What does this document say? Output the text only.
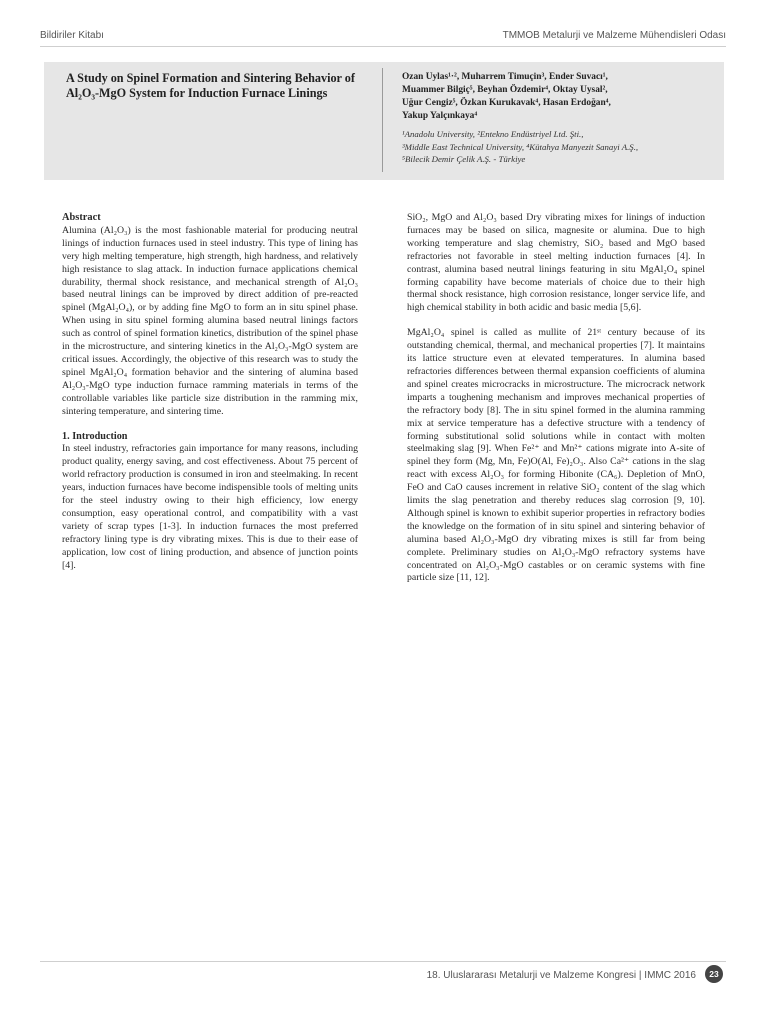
Bildiriler Kitabı	TMMOB Metalurji ve Malzeme Mühendisleri Odası
A Study on Spinel Formation and Sintering Behavior of
Al₂O₃-MgO System for Induction Furnace Linings
Ozan Uylas¹·², Muharrem Timuçin³, Ender Suvacı¹,
Muammer Bilgiç⁵, Beyhan Özdemir⁴, Oktay Uysal²,
Uğur Cengiz⁵, Özkan Kurukavak⁴, Hasan Erdoğan⁴,
Yakup Yalçınkaya⁴
¹Anadolu University, ²Entekno Endüstriyel Ltd. Şti.,
³Middle East Technical University, ⁴Kütahya Manyezit Sanayi A.Ş.,
⁵Bilecik Demir Çelik A.Ş. - Türkiye

Abstract

Alumina (Al₂O₃) is the most fashionable material for producing neutral linings of induction furnaces used in steel industry. This type of lining has very high melting temperature, high strength, high hardness, and relatively high resistance to slag attack. In induction furnace applications chemical durability, thermal shock resistance, and mechanical strength of Al₂O₃ based neutral linings can be improved by direct addition of pre-reacted spinel (MgAl₂O₄), or by adding fine MgO to form an in situ spinel phase. When using in situ spinel forming alumina based neutral linings factors such as control of spinel formation kinetics, distribution of the spinel phase in the microstructure, and sintering kinetics in the Al₂O₃-MgO system are critical issues. Accordingly, the objective of this research was to study the spinel MgAl₂O₄ formation behavior and the sintering of alumina based Al₂O₃-MgO type induction furnace ramming materials in terms of the controllable variables like particle size distribution in the ramming mix, sintering temperature, and sintering time.

1. Introduction

In steel industry, refractories gain importance for many reasons, including product quality, energy saving, and cost effectiveness. About 75 percent of world refractory production is consumed in iron and steelmaking. In recent years, induction furnaces have become indispensible tools of melting units for the steel industry owing to their high efficiency, low energy consumption, easy operational control, and compatibility with a vast variety of scrap types [1-3]. In induction furnaces the most preferred refractory lining type is dry vibrating mixes. This is due to their ease of application, low cost of lining production, and absence of junction points [4].

SiO₂, MgO and Al₂O₃ based Dry vibrating mixes for linings of induction furnaces may be based on silica, magnesite or alumina. Due to high working temperature and slag chemistry, SiO₂ based and MgO based refractories not favorable in steel melting induction furnaces [4]. In contrast, alumina based neutral linings featuring in situ MgAl₂O₄ spinel forming capability have become materials of choice due to their high thermal shock resistance, high corrosion resistance, longer service life, and high chemical stability in both acidic and basic media [5,6].

MgAl₂O₄ spinel is called as mullite of 21ˢᵗ century because of its outstanding chemical, thermal, and mechanical properties [7]. It maintains its lattice structure even at elevated temperatures. In alumina based refractories differences between thermal expansion coefficients of alumina and spinel creates microcracks in microstructure. The microcrack network imparts a toughening mechanism and improves mechanical properties of the refractory body [8]. The in situ spinel formed in the alumina ramming mix at service temperature has a defective structure with a tendency of forming substitutional solid solutions while in contact with molten steelmaking slag [9]. When Fe²⁺ and Mn²⁺ cations migrate into A-site of spinel they form (Mg, Mn, Fe)O(Al, Fe)₂O₃. Also Ca²⁺ cations in the slag react with excess Al₂O₃ for forming Hibonite (CA₆). Depletion of MnO, FeO and CaO causes increment in relative SiO₂ content of the slag which limits the slag penetration and thereby reduces slag corrosion [9, 10]. Although spinel is known to exhibit superior properties in refractory bodies the knowledge on the formation of in situ spinel and sintering behavior of alumina based Al₂O₃-MgO dry vibrating mixes is still far from being complete. Preliminary studies on Al₂O₃-MgO refractory systems have concentrated on Al₂O₃-MgO castables or on ceramic systems with fine particle size [11, 12].

18. Uluslararası Metalurji ve Malzeme Kongresi | IMMC 2016	23
